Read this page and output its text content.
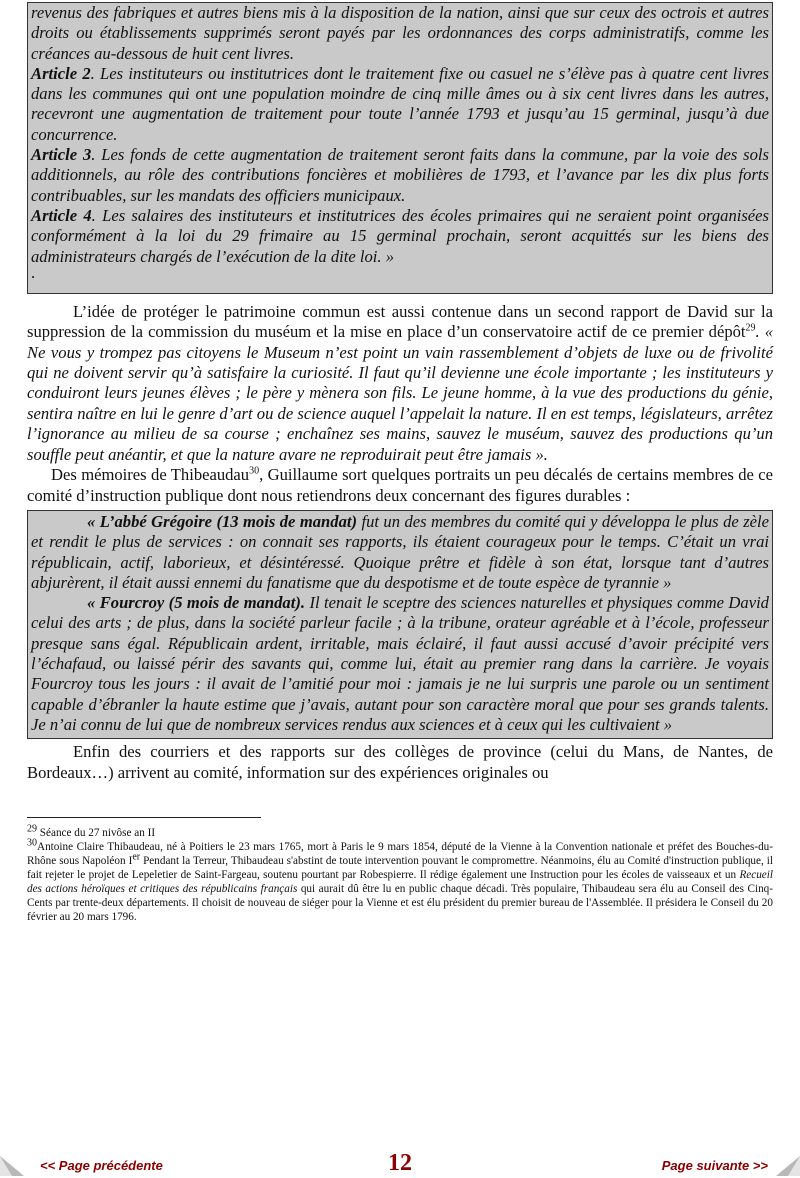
revenus des fabriques et autres biens mis à la disposition de la nation, ainsi que sur ceux des octrois et autres droits ou établissements supprimés seront payés par les ordonnances des corps administratifs, comme les créances au-dessous de huit cent livres.

Article 2. Les instituteurs ou institutrices dont le traitement fixe ou casuel ne s’élève pas à quatre cent livres dans les communes qui ont une population moindre de cinq mille âmes ou à six cent livres dans les autres, recevront une augmentation de traitement pour toute l’année 1793 et jusqu’au 15 germinal, jusqu’à due concurrence.

Article 3. Les fonds de cette augmentation de traitement seront faits dans la commune, par la voie des sols additionnels, au rôle des contributions foncières et mobilières de 1793, et l’avance par les dix plus forts contribuables, sur les mandats des officiers municipaux.

Article 4. Les salaires des instituteurs et institutrices des écoles primaires qui ne seraient point organisées conformément à la loi du 29 frimaire au 15 germinal prochain, seront acquittés sur les biens des administrateurs chargés de l’exécution de la dite loi. »

.

L’idée de protéger le patrimoine commun est aussi contenue dans un second rapport de David sur la suppression de la commission du muséum et la mise en place d’un conservatoire actif de ce premier dépôt$^{29}$. « Ne vous y trompez pas citoyens le Museum n’est point un vain rassemblement d’objets de luxe ou de frivolité qui ne doivent servir qu’à satisfaire la curiosité. Il faut qu’il devienne une école importante ; les instituteurs y conduiront leurs jeunes élèves ; le père y mènera son fils. Le jeune homme, à la vue des productions du génie, sentira naître en lui le genre d’art ou de science auquel l’appelait la nature. Il en est temps, législateurs, arrêtez l’ignorance au milieu de sa course ; enchaînez ses mains, sauvez le muséum, sauvez des productions qu’un souffle peut anéantir, et que la nature avare ne reproduirait peut être jamais ».

Des mémoires de Thibeaudau$^{30}$, Guillaume sort quelques portraits un peu décalés de certains membres de ce comité d’instruction publique dont nous retiendrons deux concernant des figures durables :

« L’abbé Grégoire (13 mois de mandat) fut un des membres du comité qui y développa le plus de zèle et rendit le plus de services : on connait ses rapports, ils étaient courageux pour le temps. C’était un vrai républicain, actif, laborieux, et désintéressé. Quoique prêtre et fidèle à son état, lorsque tant d’autres abjurèrent, il était aussi ennemi du fanatisme que du despotisme et de toute espèce de tyrannie »

« Fourcroy (5 mois de mandat). Il tenait le sceptre des sciences naturelles et physiques comme David celui des arts ; de plus, dans la société parleur facile ; à la tribune, orateur agréable et à l’école, professeur presque sans égal. Républicain ardent, irritable, mais éclairé, il faut aussi accusé d’avoir précipité vers l’échafaud, ou laissé périr des savants qui, comme lui, était au premier rang dans la carrière. Je voyais Fourcroy tous les jours : il avait de l’amitié pour moi : jamais je ne lui surpris une parole ou un sentiment capable d’ébranler la haute estime que j’avais, autant pour son caractère moral que pour ses grands talents. Je n’ai connu de lui que de nombreux services rendus aux sciences et à ceux qui les cultivaient »

Enfin des courriers et des rapports sur des collèges de province (celui du Mans, de Nantes, de Bordeaux…) arrivent au comité, information sur des expériences originales ou

$^{29}$ Séance du 27 nivôse an II

$^{30}$Antoine Claire Thibaudeau, né à Poitiers le 23 mars 1765, mort à Paris le 9 mars 1854, député de la Vienne à la Convention nationale et préfet des Bouches-du-Rhône sous Napoléon Ier Pendant la Terreur, Thibaudeau s'abstint de toute intervention pouvant le compromettre. Néanmoins, élu au Comité d'instruction publique, il fait rejeter le projet de Lepeletier de Saint-Fargeau, soutenu pourtant par Robespierre. Il rédige également une Instruction pour les écoles de vaisseaux et un Recueil des actions héroïques et critiques des républicains français qui aurait dû être lu en public chaque décadi. Très populaire, Thibaudeau sera élu au Conseil des Cinq-Cents par trente-deux départements. Il choisit de nouveau de siéger pour la Vienne et est élu président du premier bureau de l'Assemblée. Il présidera le Conseil du 20 février au 20 mars 1796.

<< Page précédente	12	Page suivante >>
